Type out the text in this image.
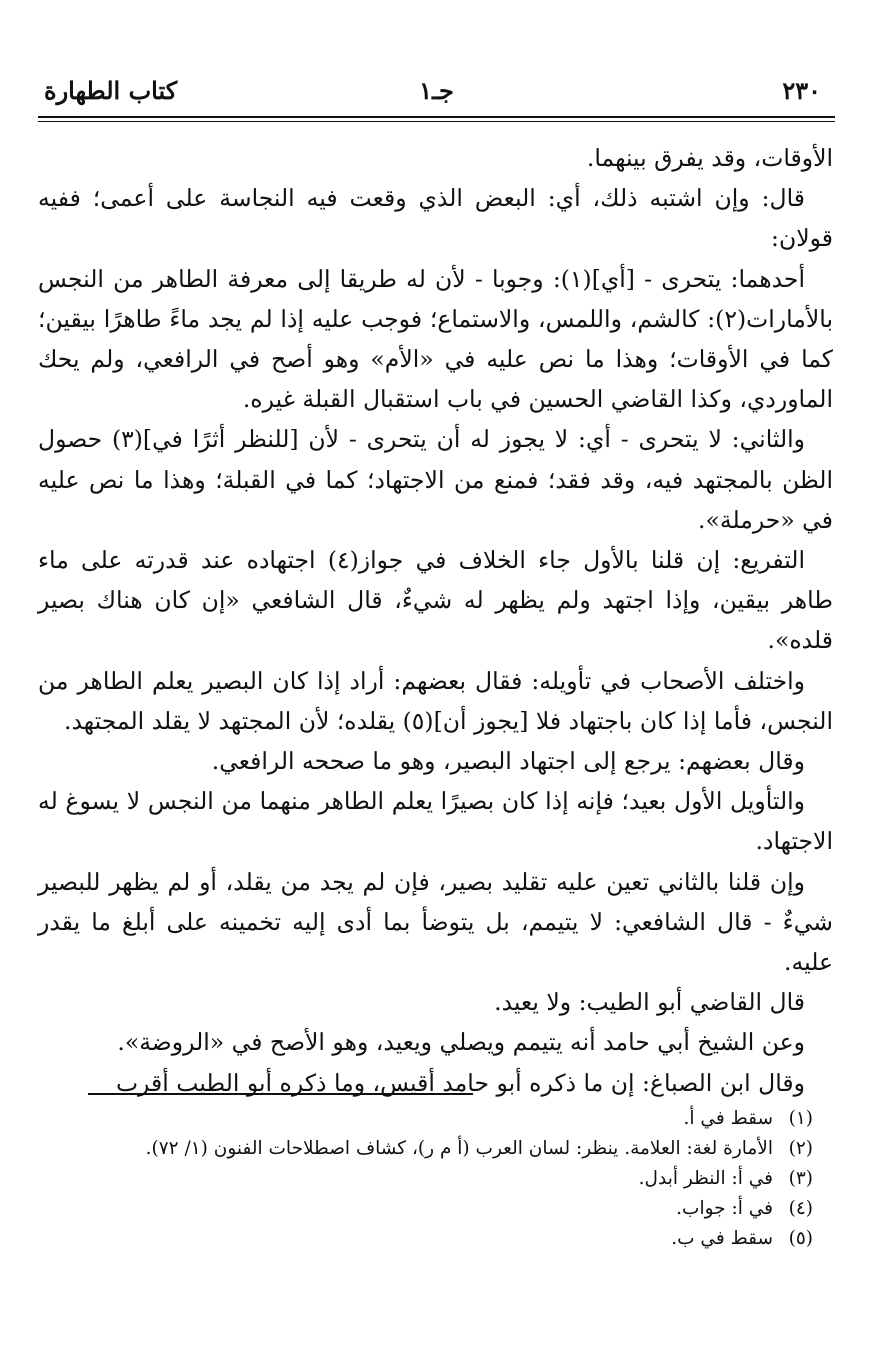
٢٣٠
جـ١
كتاب الطهارة

الأوقات، وقد يفرق بينهما.

قال: وإن اشتبه ذلك، أي: البعض الذي وقعت فيه النجاسة على أعمى؛ ففيه قولان:

أحدهما: يتحرى - [أي](١): وجوبا - لأن له طريقا إلى معرفة الطاهر من النجس بالأمارات(٢): كالشم، واللمس، والاستماع؛ فوجب عليه إذا لم يجد ماءً طاهرًا بيقين؛ كما في الأوقات؛ وهذا ما نص عليه في «الأم» وهو أصح في الرافعي، ولم يحك الماوردي، وكذا القاضي الحسين في باب استقبال القبلة غيره.

والثاني: لا يتحرى - أي: لا يجوز له أن يتحرى - لأن [للنظر أثرًا في](٣) حصول الظن بالمجتهد فيه، وقد فقد؛ فمنع من الاجتهاد؛ كما في القبلة؛ وهذا ما نص عليه في «حرملة».

التفريع: إن قلنا بالأول جاء الخلاف في جواز(٤) اجتهاده عند قدرته على ماء طاهر بيقين، وإذا اجتهد ولم يظهر له شيءٌ، قال الشافعي «إن كان هناك بصير قلده».

واختلف الأصحاب في تأويله: فقال بعضهم: أراد إذا كان البصير يعلم الطاهر من النجس، فأما إذا كان باجتهاد فلا [يجوز أن](٥) يقلده؛ لأن المجتهد لا يقلد المجتهد.

وقال بعضهم: يرجع إلى اجتهاد البصير، وهو ما صححه الرافعي.

والتأويل الأول بعيد؛ فإنه إذا كان بصيرًا يعلم الطاهر منهما من النجس لا يسوغ له الاجتهاد.

وإن قلنا بالثاني تعين عليه تقليد بصير، فإن لم يجد من يقلد، أو لم يظهر للبصير شيءٌ - قال الشافعي: لا يتيمم، بل يتوضأ بما أدى إليه تخمينه على أبلغ ما يقدر عليه.

قال القاضي أبو الطيب: ولا يعيد.

وعن الشيخ أبي حامد أنه يتيمم ويصلي ويعيد، وهو الأصح في «الروضة».

وقال ابن الصباغ: إن ما ذكره أبو حامد أقيس، وما ذكره أبو الطيب أقرب

(١)
سقط في أ.
(٢)
الأمارة لغة: العلامة. ينظر: لسان العرب (أ م ر)، كشاف اصطلاحات الفنون (١/ ٧٢).
(٣)
في أ: النظر أبدل.
(٤)
في أ: جواب.
(٥)
سقط في ب.
